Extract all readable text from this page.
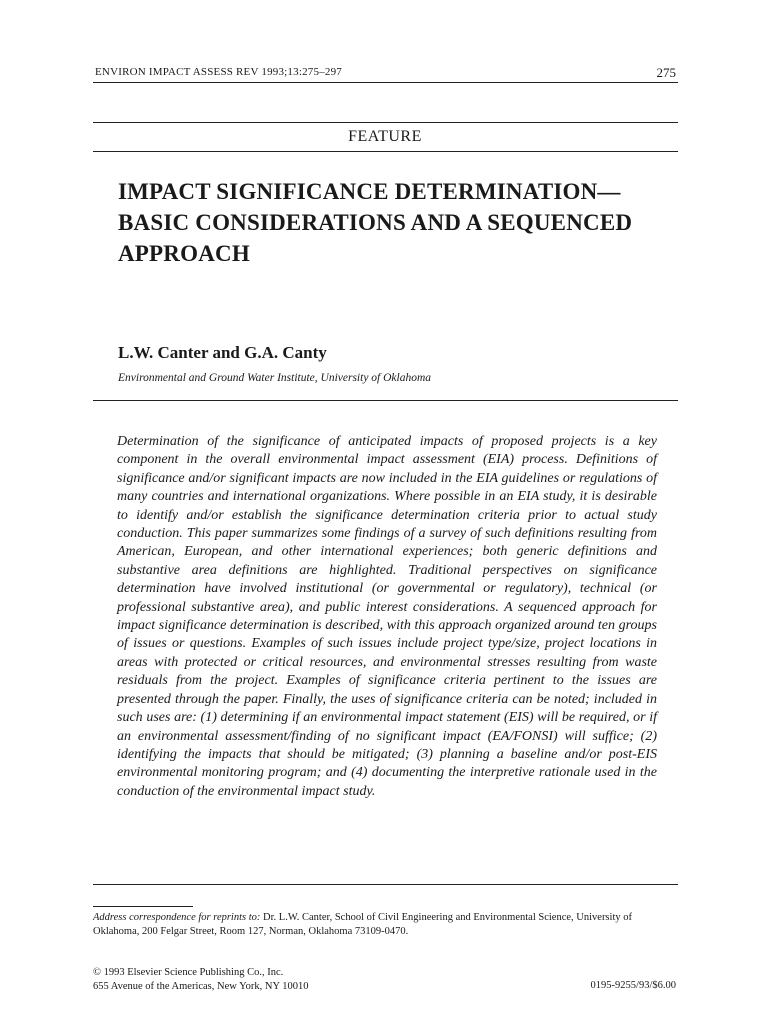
ENVIRON IMPACT ASSESS REV 1993;13:275–297	275
FEATURE
IMPACT SIGNIFICANCE DETERMINATION—
BASIC CONSIDERATIONS AND A SEQUENCED
APPROACH
L.W. Canter and G.A. Canty
Environmental and Ground Water Institute, University of Oklahoma

Determination of the significance of anticipated impacts of proposed projects is a key component in the overall environmental impact assessment (EIA) process. Definitions of significance and/or significant impacts are now included in the EIA guidelines or regulations of many countries and international organizations. Where possible in an EIA study, it is desirable to identify and/or establish the significance determination criteria prior to actual study conduction. This paper summarizes some findings of a survey of such definitions resulting from American, European, and other international experiences; both generic definitions and substantive area definitions are highlighted. Traditional perspectives on significance determination have involved institutional (or governmental or regulatory), technical (or professional substantive area), and public interest considerations. A sequenced approach for impact significance determination is described, with this approach organized around ten groups of issues or questions. Examples of such issues include project type/size, project locations in areas with protected or critical resources, and environmental stresses resulting from waste residuals from the project. Examples of significance criteria pertinent to the issues are presented through the paper. Finally, the uses of significance criteria can be noted; included in such uses are: (1) determining if an environmental impact statement (EIS) will be required, or if an environmental assessment/finding of no significant impact (EA/FONSI) will suffice; (2) identifying the impacts that should be mitigated; (3) planning a baseline and/or post-EIS environmental monitoring program; and (4) documenting the interpretive rationale used in the conduction of the environmental impact study.

Address correspondence for reprints to: Dr. L.W. Canter, School of Civil Engineering and Environmental Science, University of Oklahoma, 200 Felgar Street, Room 127, Norman, Oklahoma 73109-0470.

© 1993 Elsevier Science Publishing Co., Inc.
655 Avenue of the Americas, New York, NY 10010	0195-9255/93/$6.00
